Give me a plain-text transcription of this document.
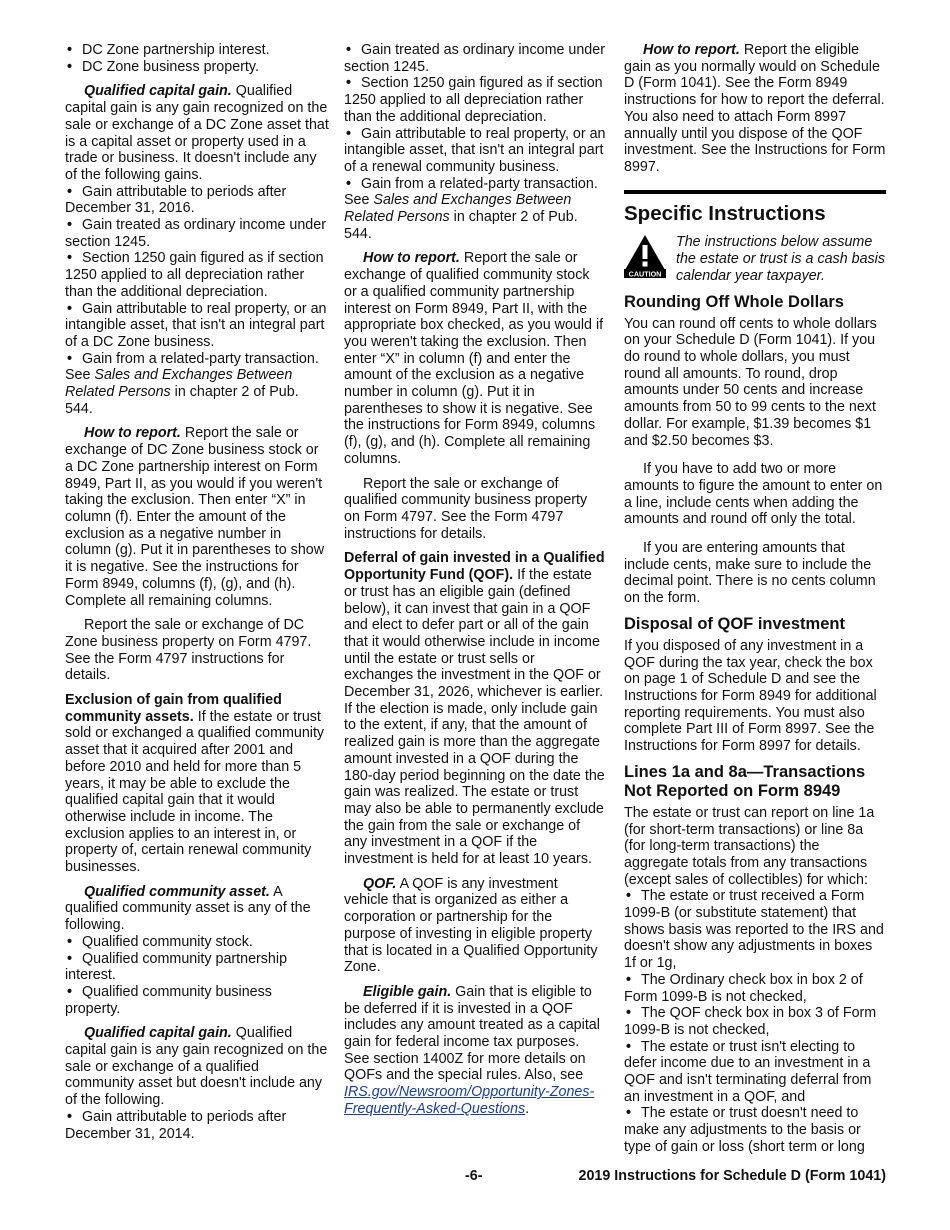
• DC Zone partnership interest.

• DC Zone business property.

Qualified capital gain. Qualified capital gain is any gain recognized on the sale or exchange of a DC Zone asset that is a capital asset or property used in a trade or business. It doesn't include any of the following gains.

• Gain attributable to periods after December 31, 2016.

• Gain treated as ordinary income under section 1245.

• Section 1250 gain figured as if section 1250 applied to all depreciation rather than the additional depreciation.

• Gain attributable to real property, or an intangible asset, that isn't an integral part of a DC Zone business.

• Gain from a related-party transaction. See Sales and Exchanges Between Related Persons in chapter 2 of Pub. 544.

How to report. Report the sale or exchange of DC Zone business stock or a DC Zone partnership interest on Form 8949, Part II, as you would if you weren't taking the exclusion. Then enter “X” in column (f). Enter the amount of the exclusion as a negative number in column (g). Put it in parentheses to show it is negative. See the instructions for Form 8949, columns (f), (g), and (h). Complete all remaining columns.

Report the sale or exchange of DC Zone business property on Form 4797. See the Form 4797 instructions for details.

Exclusion of gain from qualified community assets. If the estate or trust sold or exchanged a qualified community asset that it acquired after 2001 and before 2010 and held for more than 5 years, it may be able to exclude the qualified capital gain that it would otherwise include in income. The exclusion applies to an interest in, or property of, certain renewal community businesses.

Qualified community asset. A qualified community asset is any of the following.

• Qualified community stock.

• Qualified community partnership interest.

• Qualified community business property.

Qualified capital gain. Qualified capital gain is any gain recognized on the sale or exchange of a qualified community asset but doesn't include any of the following.

• Gain attributable to periods after December 31, 2014.

• Gain treated as ordinary income under section 1245.

• Section 1250 gain figured as if section 1250 applied to all depreciation rather than the additional depreciation.

• Gain attributable to real property, or an intangible asset, that isn't an integral part of a renewal community business.

• Gain from a related-party transaction. See Sales and Exchanges Between Related Persons in chapter 2 of Pub. 544.

How to report. Report the sale or exchange of qualified community stock or a qualified community partnership interest on Form 8949, Part II, with the appropriate box checked, as you would if you weren't taking the exclusion. Then enter “X” in column (f) and enter the amount of the exclusion as a negative number in column (g). Put it in parentheses to show it is negative. See the instructions for Form 8949, columns (f), (g), and (h). Complete all remaining columns.

Report the sale or exchange of qualified community business property on Form 4797. See the Form 4797 instructions for details.

Deferral of gain invested in a Qualified Opportunity Fund (QOF). If the estate or trust has an eligible gain (defined below), it can invest that gain in a QOF and elect to defer part or all of the gain that it would otherwise include in income until the estate or trust sells or exchanges the investment in the QOF or December 31, 2026, whichever is earlier. If the election is made, only include gain to the extent, if any, that the amount of realized gain is more than the aggregate amount invested in a QOF during the 180-day period beginning on the date the gain was realized. The estate or trust may also be able to permanently exclude the gain from the sale or exchange of any investment in a QOF if the investment is held for at least 10 years.

QOF. A QOF is any investment vehicle that is organized as either a corporation or partnership for the purpose of investing in eligible property that is located in a Qualified Opportunity Zone.

Eligible gain. Gain that is eligible to be deferred if it is invested in a QOF includes any amount treated as a capital gain for federal income tax purposes. See section 1400Z for more details on QOFs and the special rules. Also, see IRS.gov/Newsroom/Opportunity-Zones-Frequently-Asked-Questions.

How to report. Report the eligible gain as you normally would on Schedule D (Form 1041). See the Form 8949 instructions for how to report the deferral. You also need to attach Form 8997 annually until you dispose of the QOF investment. See the Instructions for Form 8997.

Specific Instructions
CAUTION
The instructions below assume the estate or trust is a cash basis calendar year taxpayer.
Rounding Off Whole Dollars

You can round off cents to whole dollars on your Schedule D (Form 1041). If you do round to whole dollars, you must round all amounts. To round, drop amounts under 50 cents and increase amounts from 50 to 99 cents to the next dollar. For example, $1.39 becomes $1 and $2.50 becomes $3.

If you have to add two or more amounts to figure the amount to enter on a line, include cents when adding the amounts and round off only the total.

If you are entering amounts that include cents, make sure to include the decimal point. There is no cents column on the form.

Disposal of QOF investment

If you disposed of any investment in a QOF during the tax year, check the box on page 1 of Schedule D and see the Instructions for Form 8949 for additional reporting requirements. You must also complete Part III of Form 8997. See the Instructions for Form 8997 for details.

Lines 1a and 8a—Transactions Not Reported on Form 8949

The estate or trust can report on line 1a (for short-term transactions) or line 8a (for long-term transactions) the aggregate totals from any transactions (except sales of collectibles) for which:

• The estate or trust received a Form 1099-B (or substitute statement) that shows basis was reported to the IRS and doesn't show any adjustments in boxes 1f or 1g,

• The Ordinary check box in box 2 of Form 1099-B is not checked,

• The QOF check box in box 3 of Form 1099-B is not checked,

• The estate or trust isn't electing to defer income due to an investment in a QOF and isn't terminating deferral from an investment in a QOF, and

• The estate or trust doesn't need to make any adjustments to the basis or type of gain or loss (short term or long

-6-	2019 Instructions for Schedule D (Form 1041)
